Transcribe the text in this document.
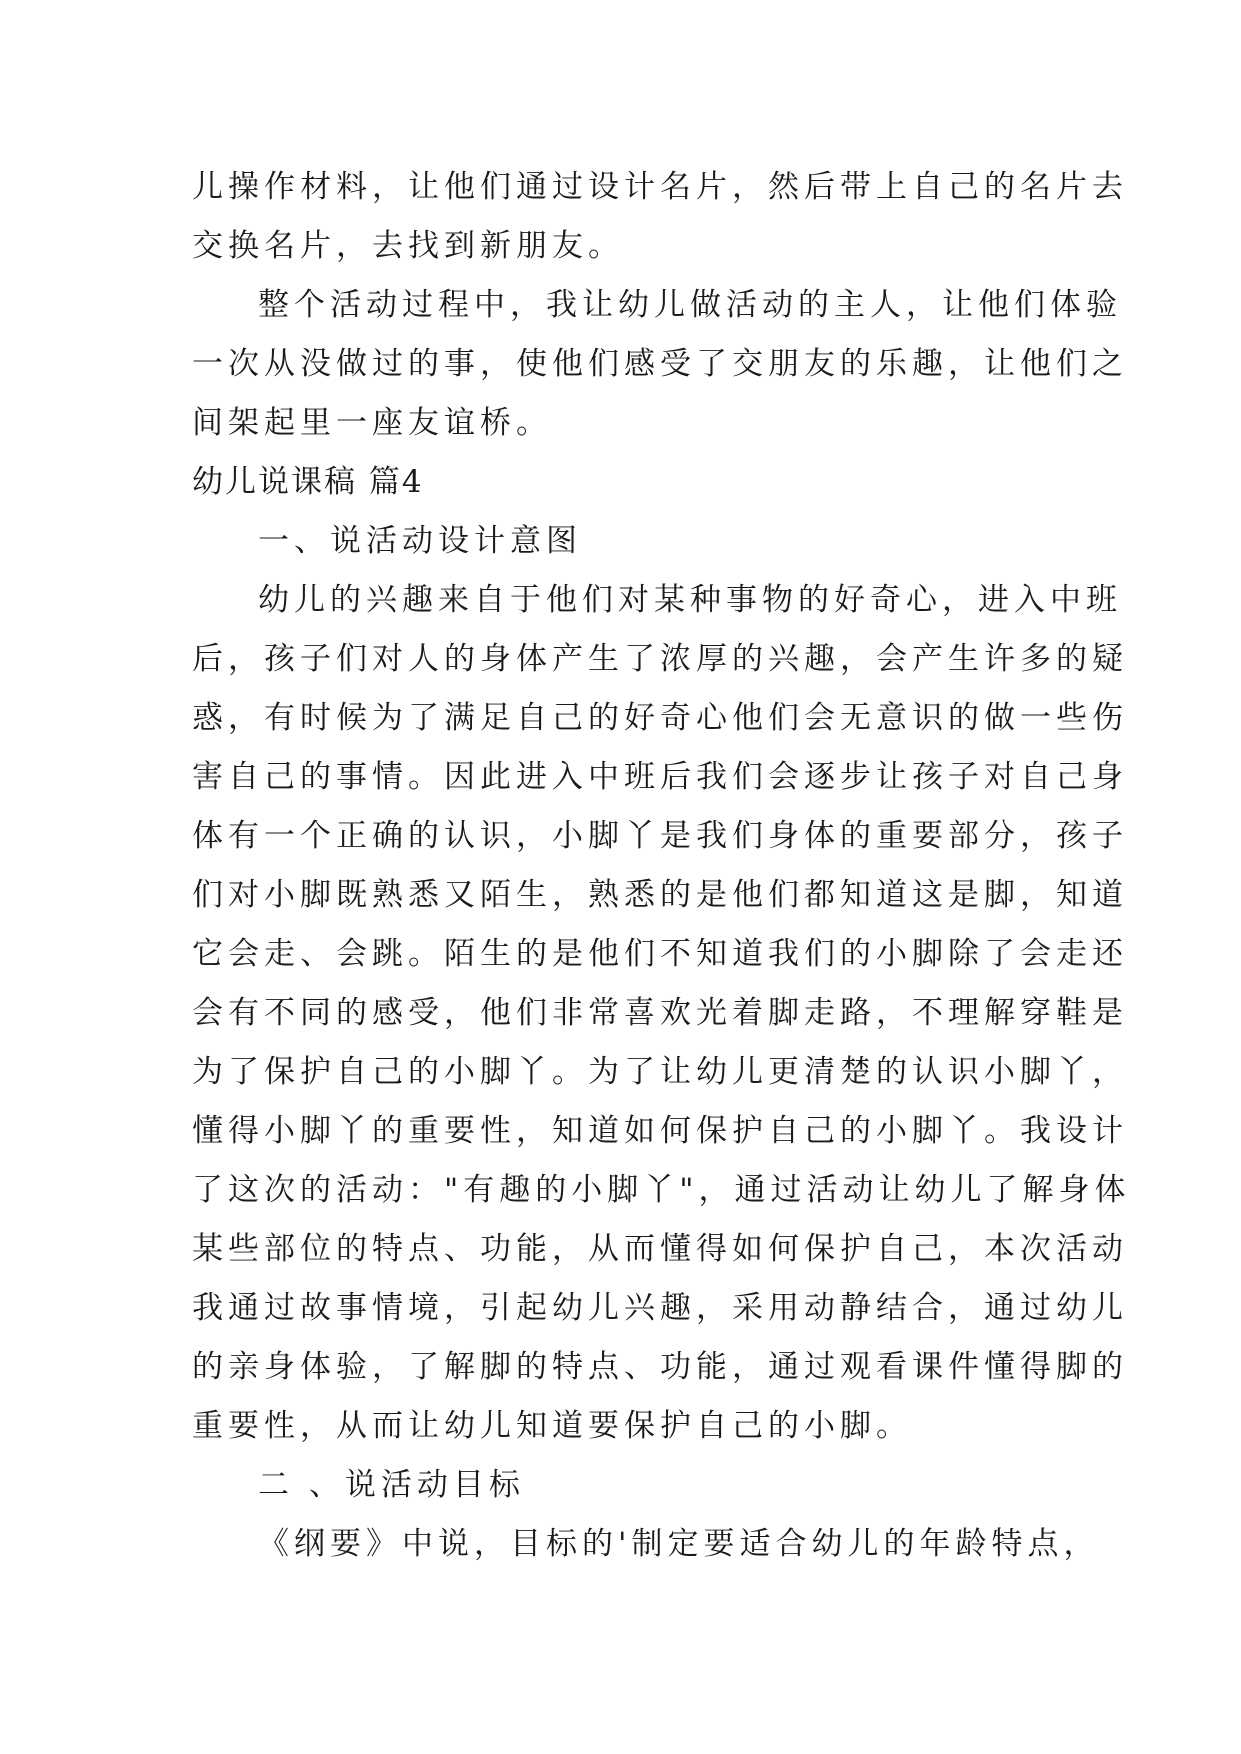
儿操作材料，让他们通过设计名片，然后带上自己的名片去

交换名片，去找到新朋友。

整个活动过程中，我让幼儿做活动的主人，让他们体验

一次从没做过的事，使他们感受了交朋友的乐趣，让他们之

间架起里一座友谊桥。

幼儿说课稿 篇4

一、说活动设计意图

幼儿的兴趣来自于他们对某种事物的好奇心，进入中班

后，孩子们对人的身体产生了浓厚的兴趣，会产生许多的疑

惑，有时候为了满足自己的好奇心他们会无意识的做一些伤

害自己的事情。因此进入中班后我们会逐步让孩子对自己身

体有一个正确的认识，小脚丫是我们身体的重要部分，孩子

们对小脚既熟悉又陌生，熟悉的是他们都知道这是脚，知道

它会走、会跳。陌生的是他们不知道我们的小脚除了会走还

会有不同的感受，他们非常喜欢光着脚走路，不理解穿鞋是

为了保护自己的小脚丫。为了让幼儿更清楚的认识小脚丫，

懂得小脚丫的重要性，知道如何保护自己的小脚丫。我设计

了这次的活动："有趣的小脚丫"，通过活动让幼儿了解身体

某些部位的特点、功能，从而懂得如何保护自己，本次活动

我通过故事情境，引起幼儿兴趣，采用动静结合，通过幼儿

的亲身体验，了解脚的特点、功能，通过观看课件懂得脚的

重要性，从而让幼儿知道要保护自己的小脚。

二 、说活动目标

《纲要》中说，目标的'制定要适合幼儿的年龄特点，
